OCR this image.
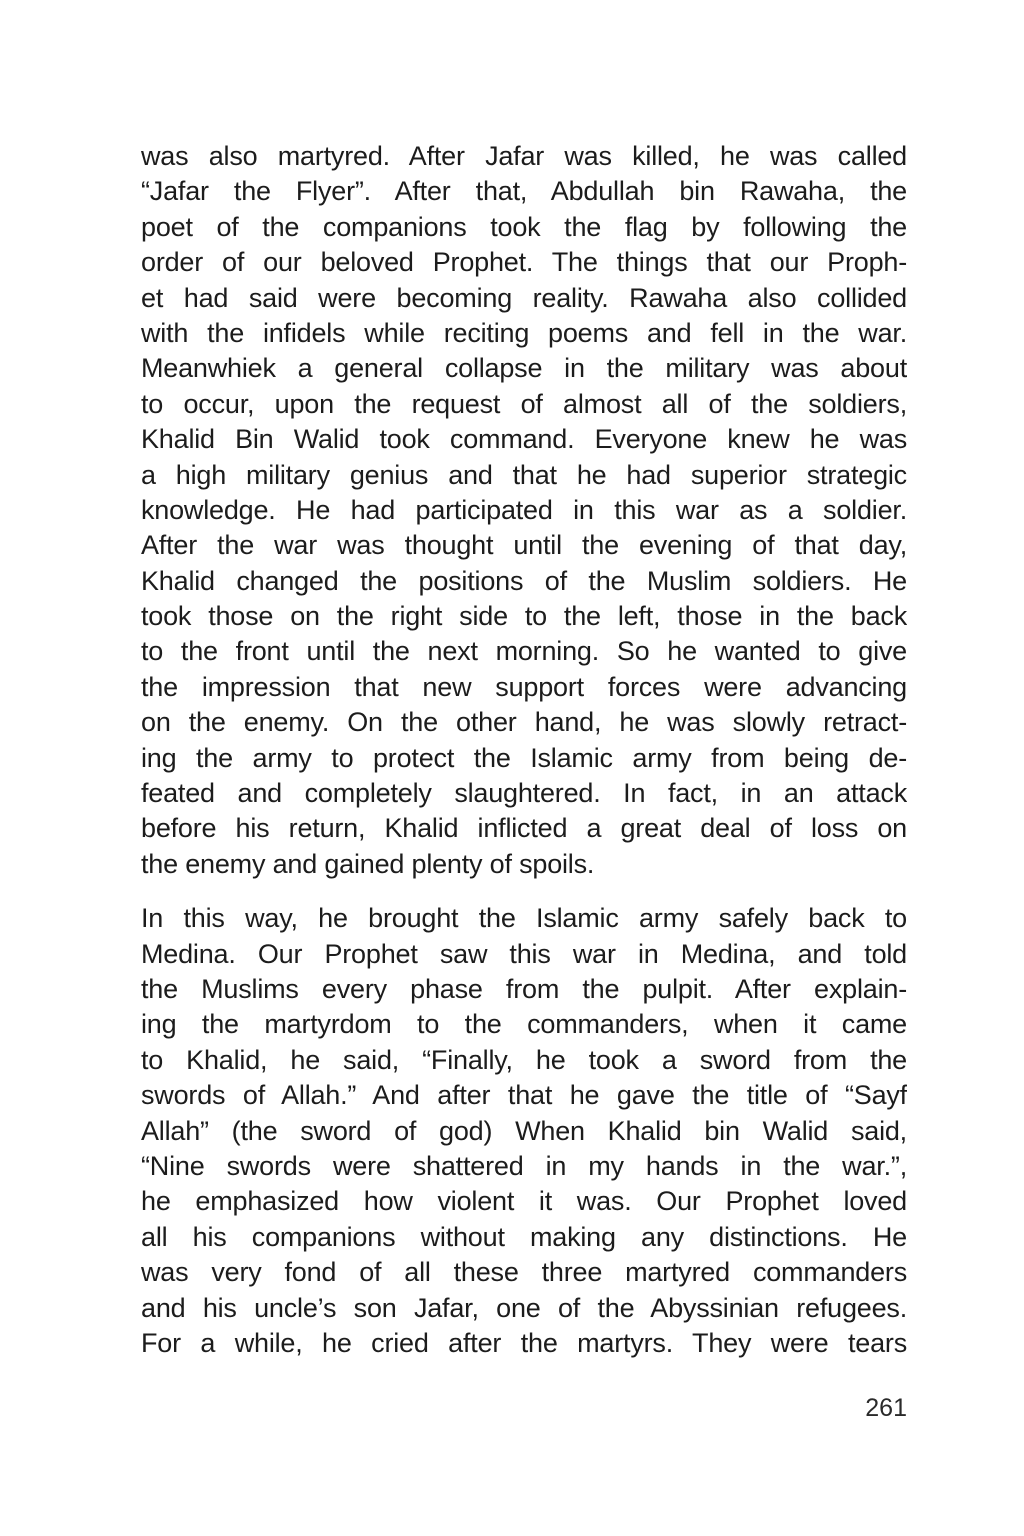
was also martyred. After Jafar was killed, he was called
“Jafar the Flyer”. After that, Abdullah bin Rawaha, the
poet of the companions took the flag by following the
order of our beloved Prophet. The things that our Proph-
et had said were becoming reality. Rawaha also collided
with the infidels while reciting poems and fell in the war.
Meanwhiek a general collapse in the military was about
to occur, upon the request of almost all of the soldiers,
Khalid Bin Walid took command. Everyone knew he was
a high military genius and that he had superior strategic
knowledge. He had participated in this war as a soldier.
After the war was thought until the evening of that day,
Khalid changed the positions of the Muslim soldiers. He
took those on the right side to the left, those in the back
to the front until the next morning. So he wanted to give
the impression that new support forces were advancing
on the enemy. On the other hand, he was slowly retract-
ing the army to protect the Islamic army from being de-
feated and completely slaughtered. In fact, in an attack
before his return, Khalid inflicted a great deal of loss on
the enemy and gained plenty of spoils.
In this way, he brought the Islamic army safely back to
Medina. Our Prophet saw this war in Medina, and told
the Muslims every phase from the pulpit. After explain-
ing the martyrdom to the commanders, when it came
to Khalid, he said, “Finally, he took a sword from the
swords of Allah.” And after that he gave the title of “Sayf
Allah” (the sword of god) When Khalid bin Walid said,
“Nine swords were shattered in my hands in the war.”,
he emphasized how violent it was. Our Prophet loved
all his companions without making any distinctions. He
was very fond of all these three martyred commanders
and his uncle’s son Jafar, one of the Abyssinian refugees.
For a while, he cried after the martyrs. They were tears
261
